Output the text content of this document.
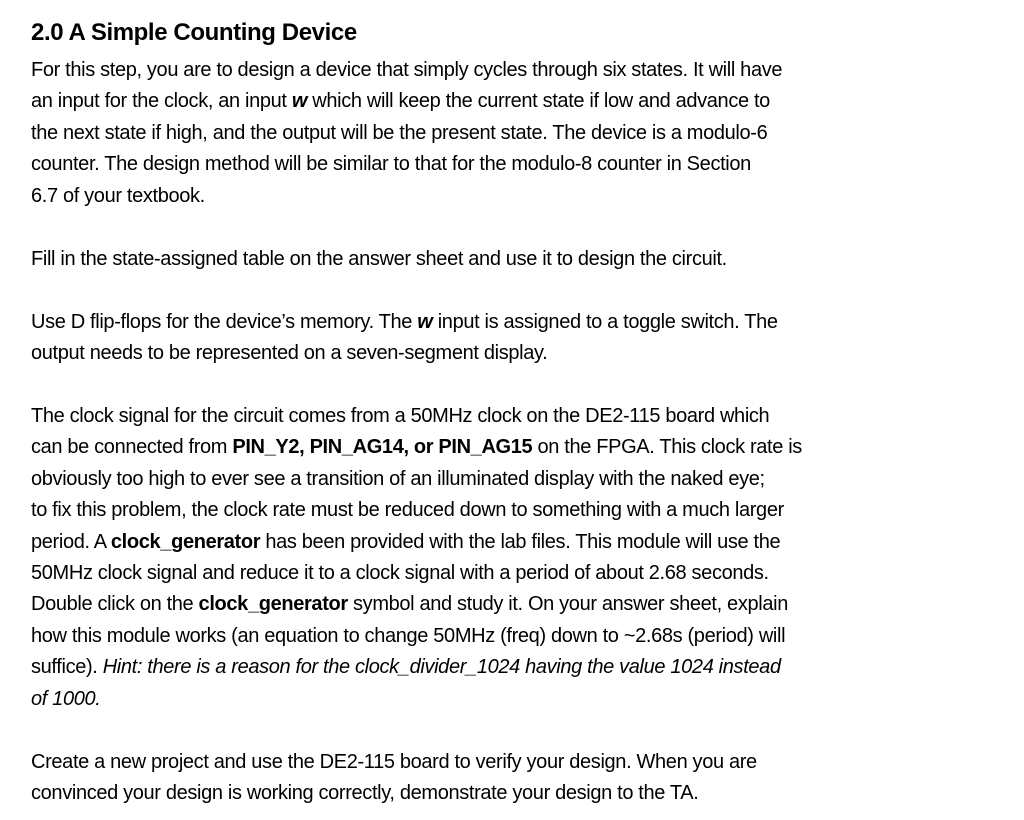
2.0 A Simple Counting Device
For this step, you are to design a device that simply cycles through six states. It will have
an input for the clock, an input w which will keep the current state if low and advance to
the next state if high, and the output will be the present state. The device is a modulo-6
counter. The design method will be similar to that for the modulo-8 counter in Section
6.7 of your textbook.
Fill in the state-assigned table on the answer sheet and use it to design the circuit.
Use D flip-flops for the device’s memory. The w input is assigned to a toggle switch. The
output needs to be represented on a seven-segment display.
The clock signal for the circuit comes from a 50MHz clock on the DE2-115 board which
can be connected from PIN_Y2, PIN_AG14, or PIN_AG15 on the FPGA. This clock rate is
obviously too high to ever see a transition of an illuminated display with the naked eye;
to fix this problem, the clock rate must be reduced down to something with a much larger
period. A clock_generator has been provided with the lab files. This module will use the
50MHz clock signal and reduce it to a clock signal with a period of about 2.68 seconds.
Double click on the clock_generator symbol and study it. On your answer sheet, explain
how this module works (an equation to change 50MHz (freq) down to ~2.68s (period) will
suffice). Hint: there is a reason for the clock_divider_1024 having the value 1024 instead
of 1000.
Create a new project and use the DE2-115 board to verify your design. When you are
convinced your design is working correctly, demonstrate your design to the TA.
